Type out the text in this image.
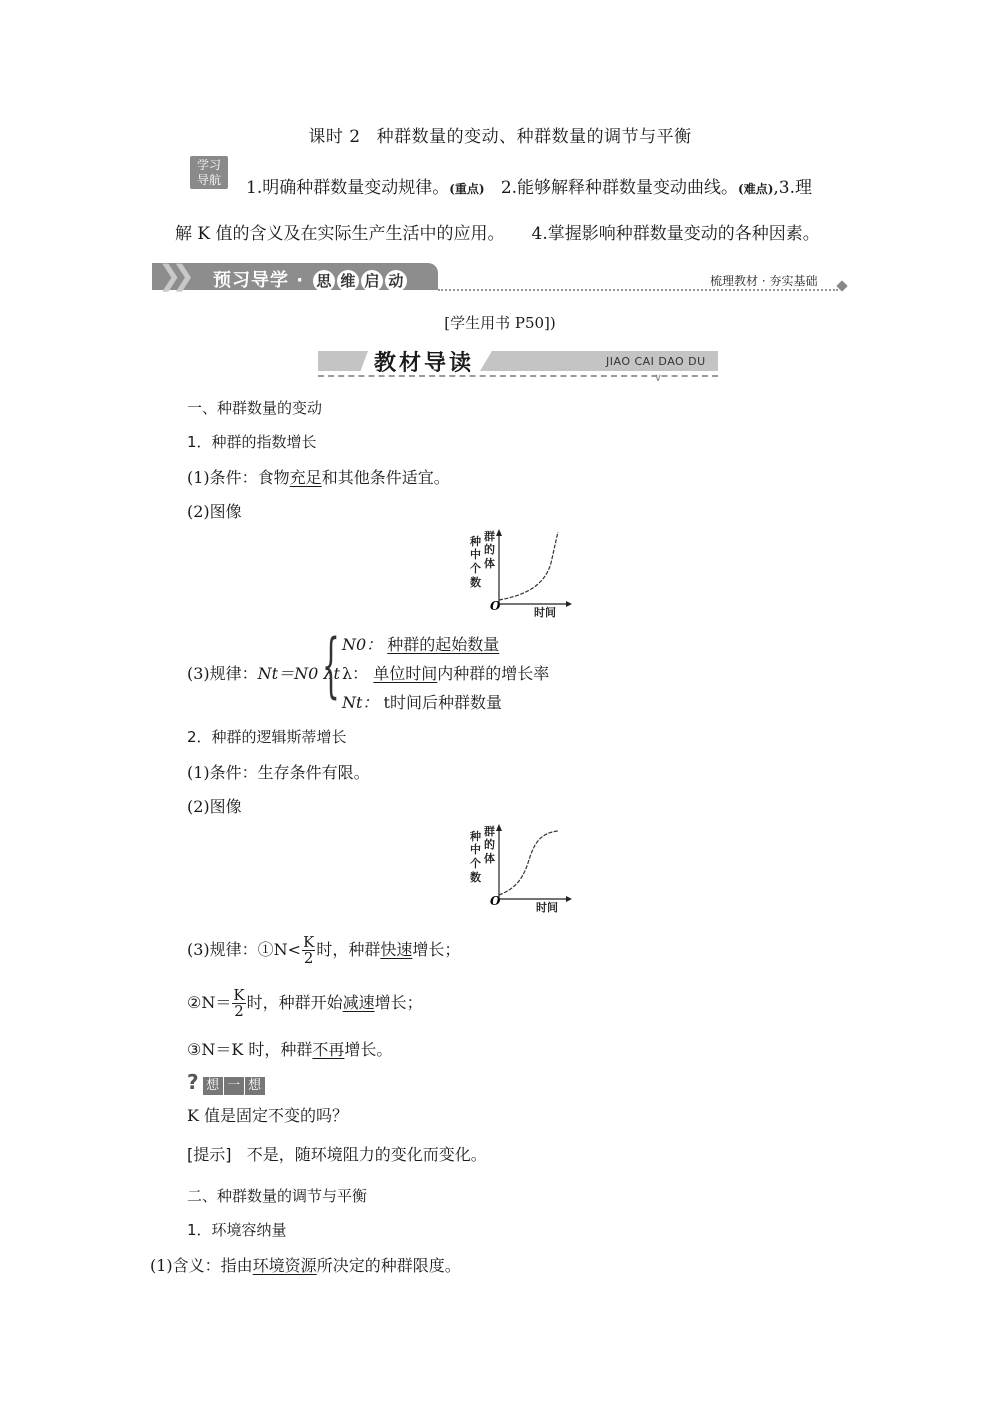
课时 2 种群数量的变动、种群数量的调节与平衡
学习
导航	1.明确种群数量变动规律。(重点) 2.能够解释种群数量变动曲线。(难点),3.理
解 K 值的含义及在实际生产生活中的应用。 4.掌握影响种群数量变动的各种因素。
❯❯ 预习导学 · 思 维 启 动	梳理教材 · 夯实基础
[学生用书 P50])
教材导读	JIAO CAI DAO DU
∨
一、种群数量的变动
1．种群的指数增长
(1)条件：食物充足和其他条件适宜。
(2)图像
种 群
中 的
个 体
数
时间
O
(3)规律：Nt＝N0 λt
{ N0： 种群的起始数量
λ： 单位时间内种群的增长率
Nt： t时间后种群数量
2．种群的逻辑斯蒂增长
(1)条件：生存条件有限。
(2)图像
种 群
中 的
个 体
数
时间
O
(3)规律：①N< $\frac{K}{2}$ 时，种群快速增长；
②N＝ $\frac{K}{2}$ 时，种群开始减速增长；
③N＝K 时，种群不再增长。
? 想 一 想
K 值是固定不变的吗？
[提示] 不是，随环境阻力的变化而变化。
二、种群数量的调节与平衡
1．环境容纳量
(1)含义：指由环境资源所决定的种群限度。
